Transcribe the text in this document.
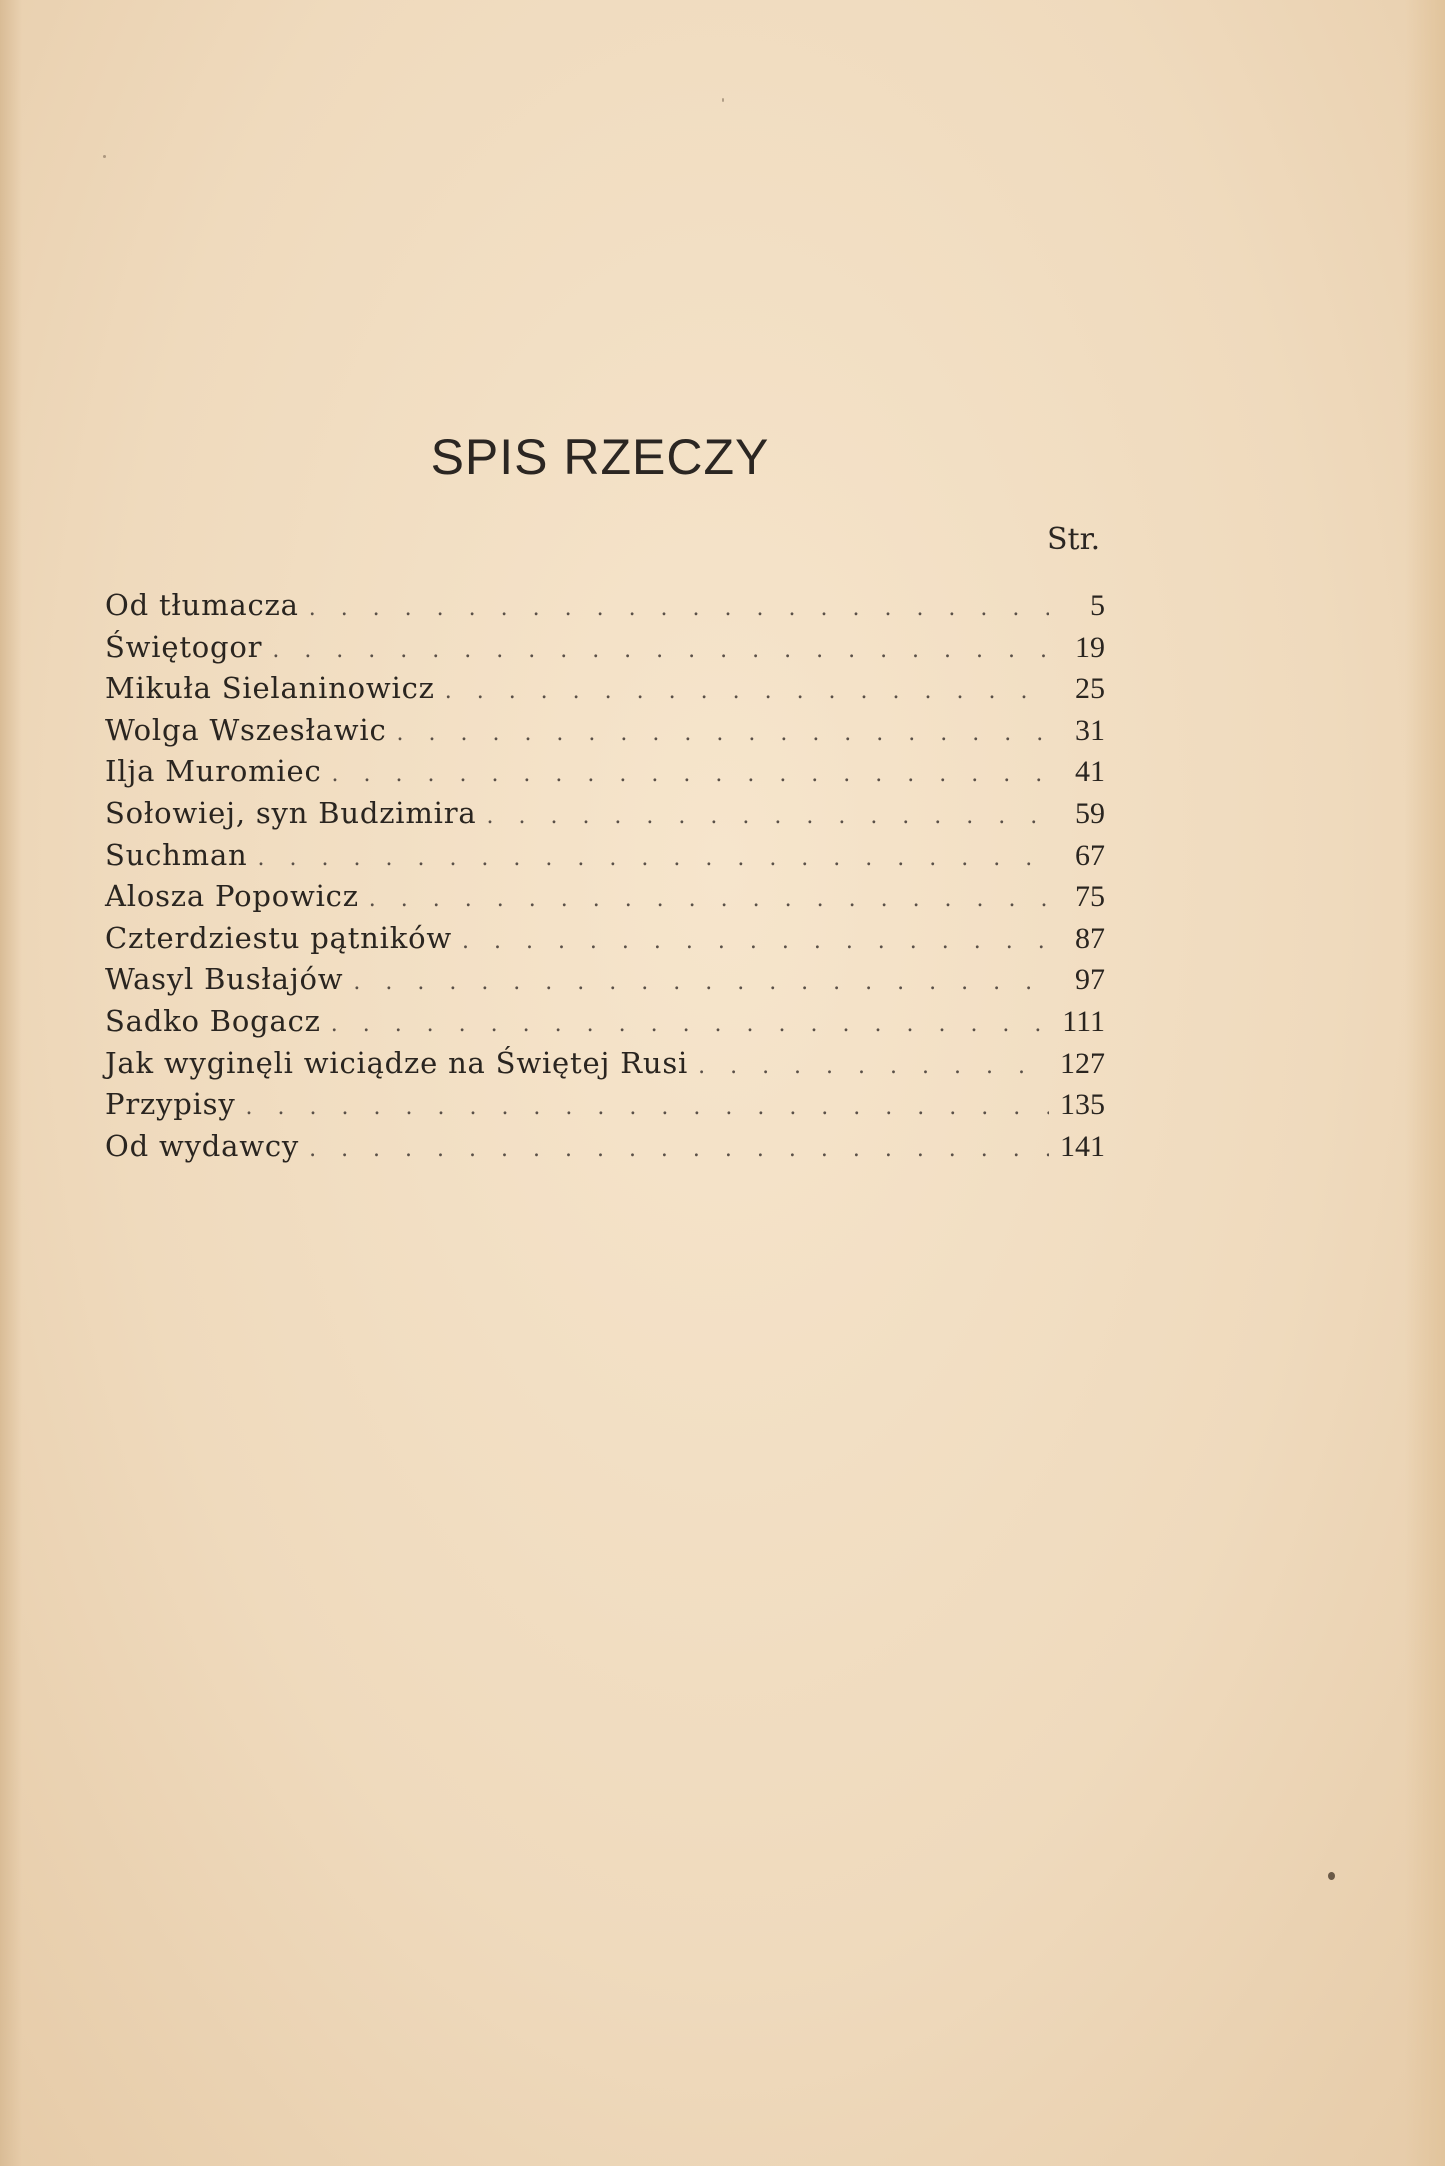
​
SPIS RZECZY
Str.
Od tłumacza . . .	5
Świętogor . . .	19
Mikuła Sielaninowicz . . .	25
Wolga Wszesławic . . .	31
Ilja Muromiec . . .	41
Sołowiej, syn Budzimira . . .	59
Suchman . . .	67
Alosza Popowicz . . .	75
Czterdziestu pątników . . .	87
Wasyl Busłajów . . .	97
Sadko Bogacz . . .	111
Jak wyginęli wiciądze na Świętej Rusi . . .	127
Przypisy . . .	135
Od wydawcy . . .	141
